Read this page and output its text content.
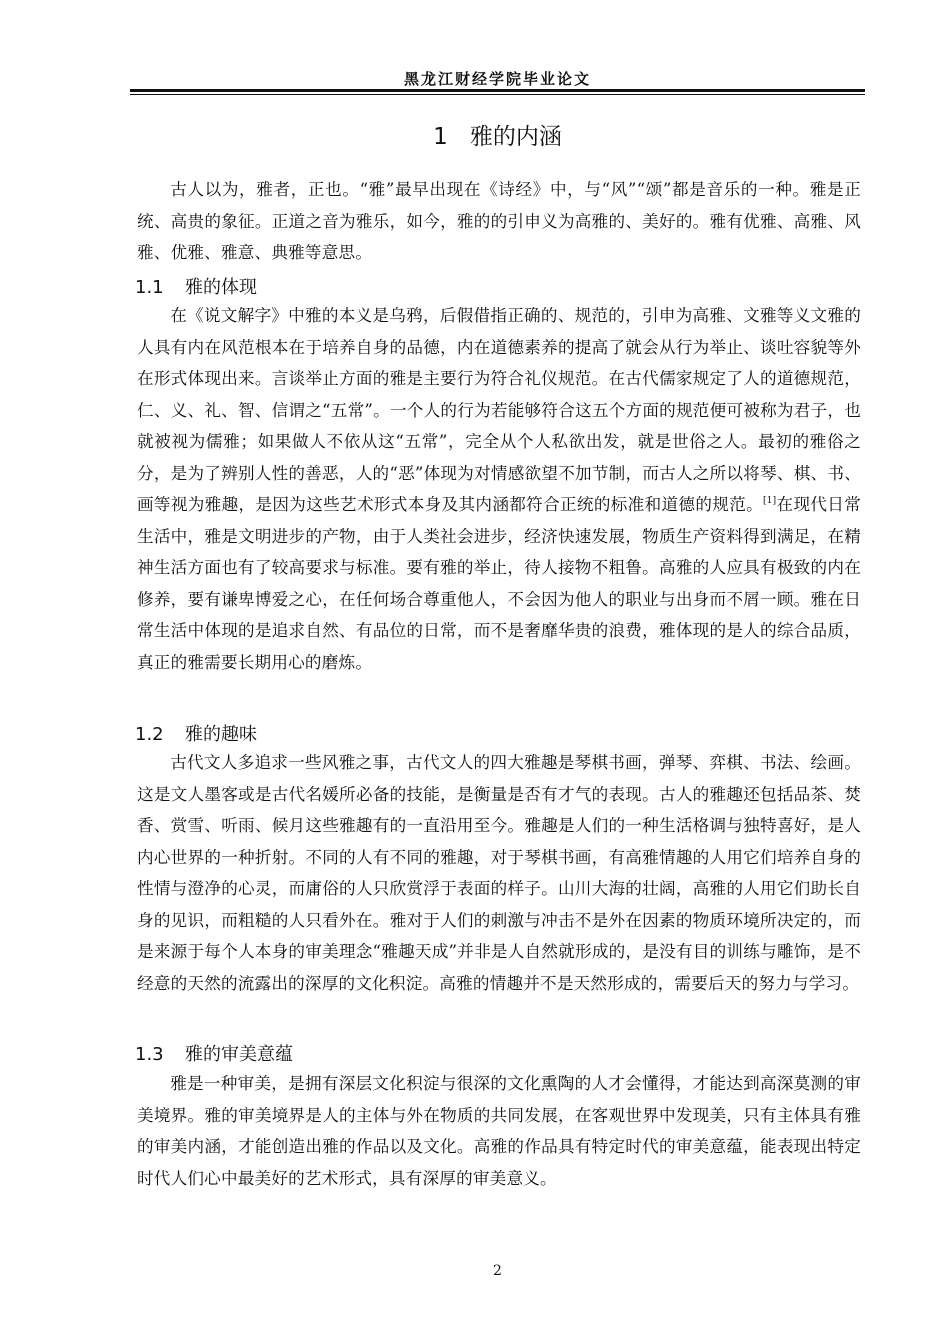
黑龙江财经学院毕业论文
1 雅的内涵

古人以为，雅者，正也。“雅”最早出现在《诗经》中，与“风”“颂”都是音乐的一种。雅是正统、高贵的象征。正道之音为雅乐，如今，雅的的引申义为高雅的、美好的。雅有优雅、高雅、风雅、优雅、雅意、典雅等意思。

1.1 雅的体现

在《说文解字》中雅的本义是乌鸦，后假借指正确的、规范的，引申为高雅、文雅等义文雅的人具有内在风范根本在于培养自身的品德，内在道德素养的提高了就会从行为举止、谈吐容貌等外在形式体现出来。言谈举止方面的雅是主要行为符合礼仪规范。在古代儒家规定了人的道德规范，仁、义、礼、智、信谓之“五常”。一个人的行为若能够符合这五个方面的规范便可被称为君子，也就被视为儒雅；如果做人不依从这“五常”，完全从个人私欲出发，就是世俗之人。最初的雅俗之分，是为了辨别人性的善恶，人的“恶”体现为对情感欲望不加节制，而古人之所以将琴、棋、书、画等视为雅趣，是因为这些艺术形式本身及其内涵都符合正统的标准和道德的规范。[1]在现代日常生活中，雅是文明进步的产物，由于人类社会进步，经济快速发展，物质生产资料得到满足，在精神生活方面也有了较高要求与标准。要有雅的举止，待人接物不粗鲁。高雅的人应具有极致的内在修养，要有谦卑博爱之心，在任何场合尊重他人，不会因为他人的职业与出身而不屑一顾。雅在日常生活中体现的是追求自然、有品位的日常，而不是奢靡华贵的浪费，雅体现的是人的综合品质，真正的雅需要长期用心的磨炼。

1.2 雅的趣味

古代文人多追求一些风雅之事，古代文人的四大雅趣是琴棋书画，弹琴、弈棋、书法、绘画。这是文人墨客或是古代名媛所必备的技能，是衡量是否有才气的表现。古人的雅趣还包括品茶、焚香、赏雪、听雨、候月这些雅趣有的一直沿用至今。雅趣是人们的一种生活格调与独特喜好，是人内心世界的一种折射。不同的人有不同的雅趣，对于琴棋书画，有高雅情趣的人用它们培养自身的性情与澄净的心灵，而庸俗的人只欣赏浮于表面的样子。山川大海的壮阔，高雅的人用它们助长自身的见识，而粗糙的人只看外在。雅对于人们的刺激与冲击不是外在因素的物质环境所决定的，而是来源于每个人本身的审美理念“雅趣天成”并非是人自然就形成的，是没有目的训练与雕饰，是不经意的天然的流露出的深厚的文化积淀。高雅的情趣并不是天然形成的，需要后天的努力与学习。

1.3 雅的审美意蕴

雅是一种审美，是拥有深层文化积淀与很深的文化熏陶的人才会懂得，才能达到高深莫测的审美境界。雅的审美境界是人的主体与外在物质的共同发展，在客观世界中发现美，只有主体具有雅的审美内涵，才能创造出雅的作品以及文化。高雅的作品具有特定时代的审美意蕴，能表现出特定时代人们心中最美好的艺术形式，具有深厚的审美意义。

2
